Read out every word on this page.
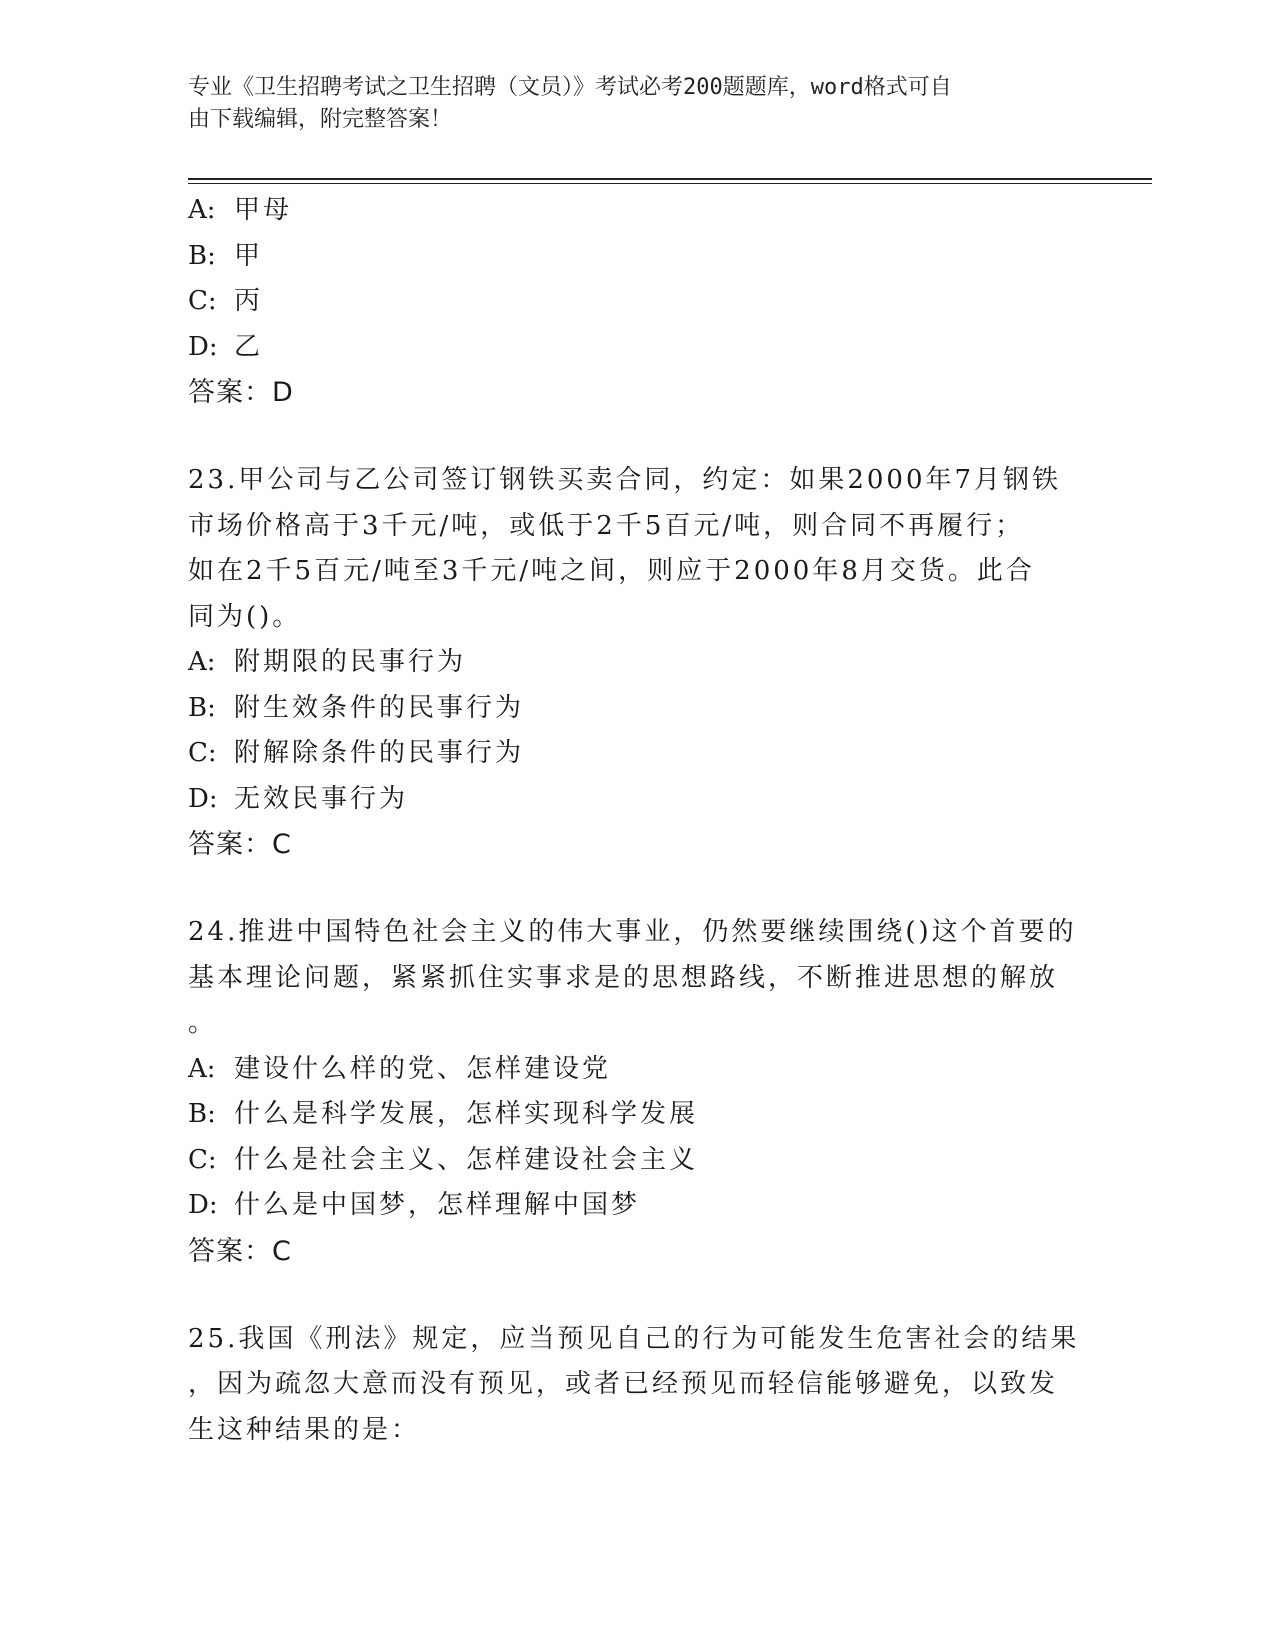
专业《卫生招聘考试之卫生招聘（文员）》考试必考200题题库，word格式可自
由下载编辑，附完整答案！
A: 甲母
B: 甲
C: 丙
D: 乙
答案：D
23.甲公司与乙公司签订钢铁买卖合同，约定：如果2000年7月钢铁
市场价格高于3千元/吨，或低于2千5百元/吨，则合同不再履行；
如在2千5百元/吨至3千元/吨之间，则应于2000年8月交货。此合
同为()。
A: 附期限的民事行为
B: 附生效条件的民事行为
C: 附解除条件的民事行为
D: 无效民事行为
答案：C
24.推进中国特色社会主义的伟大事业，仍然要继续围绕()这个首要的
基本理论问题，紧紧抓住实事求是的思想路线，不断推进思想的解放
。
A: 建设什么样的党、怎样建设党
B: 什么是科学发展，怎样实现科学发展
C: 什么是社会主义、怎样建设社会主义
D: 什么是中国梦，怎样理解中国梦
答案：C
25.我国《刑法》规定，应当预见自己的行为可能发生危害社会的结果
，因为疏忽大意而没有预见，或者已经预见而轻信能够避免，以致发
生这种结果的是：
